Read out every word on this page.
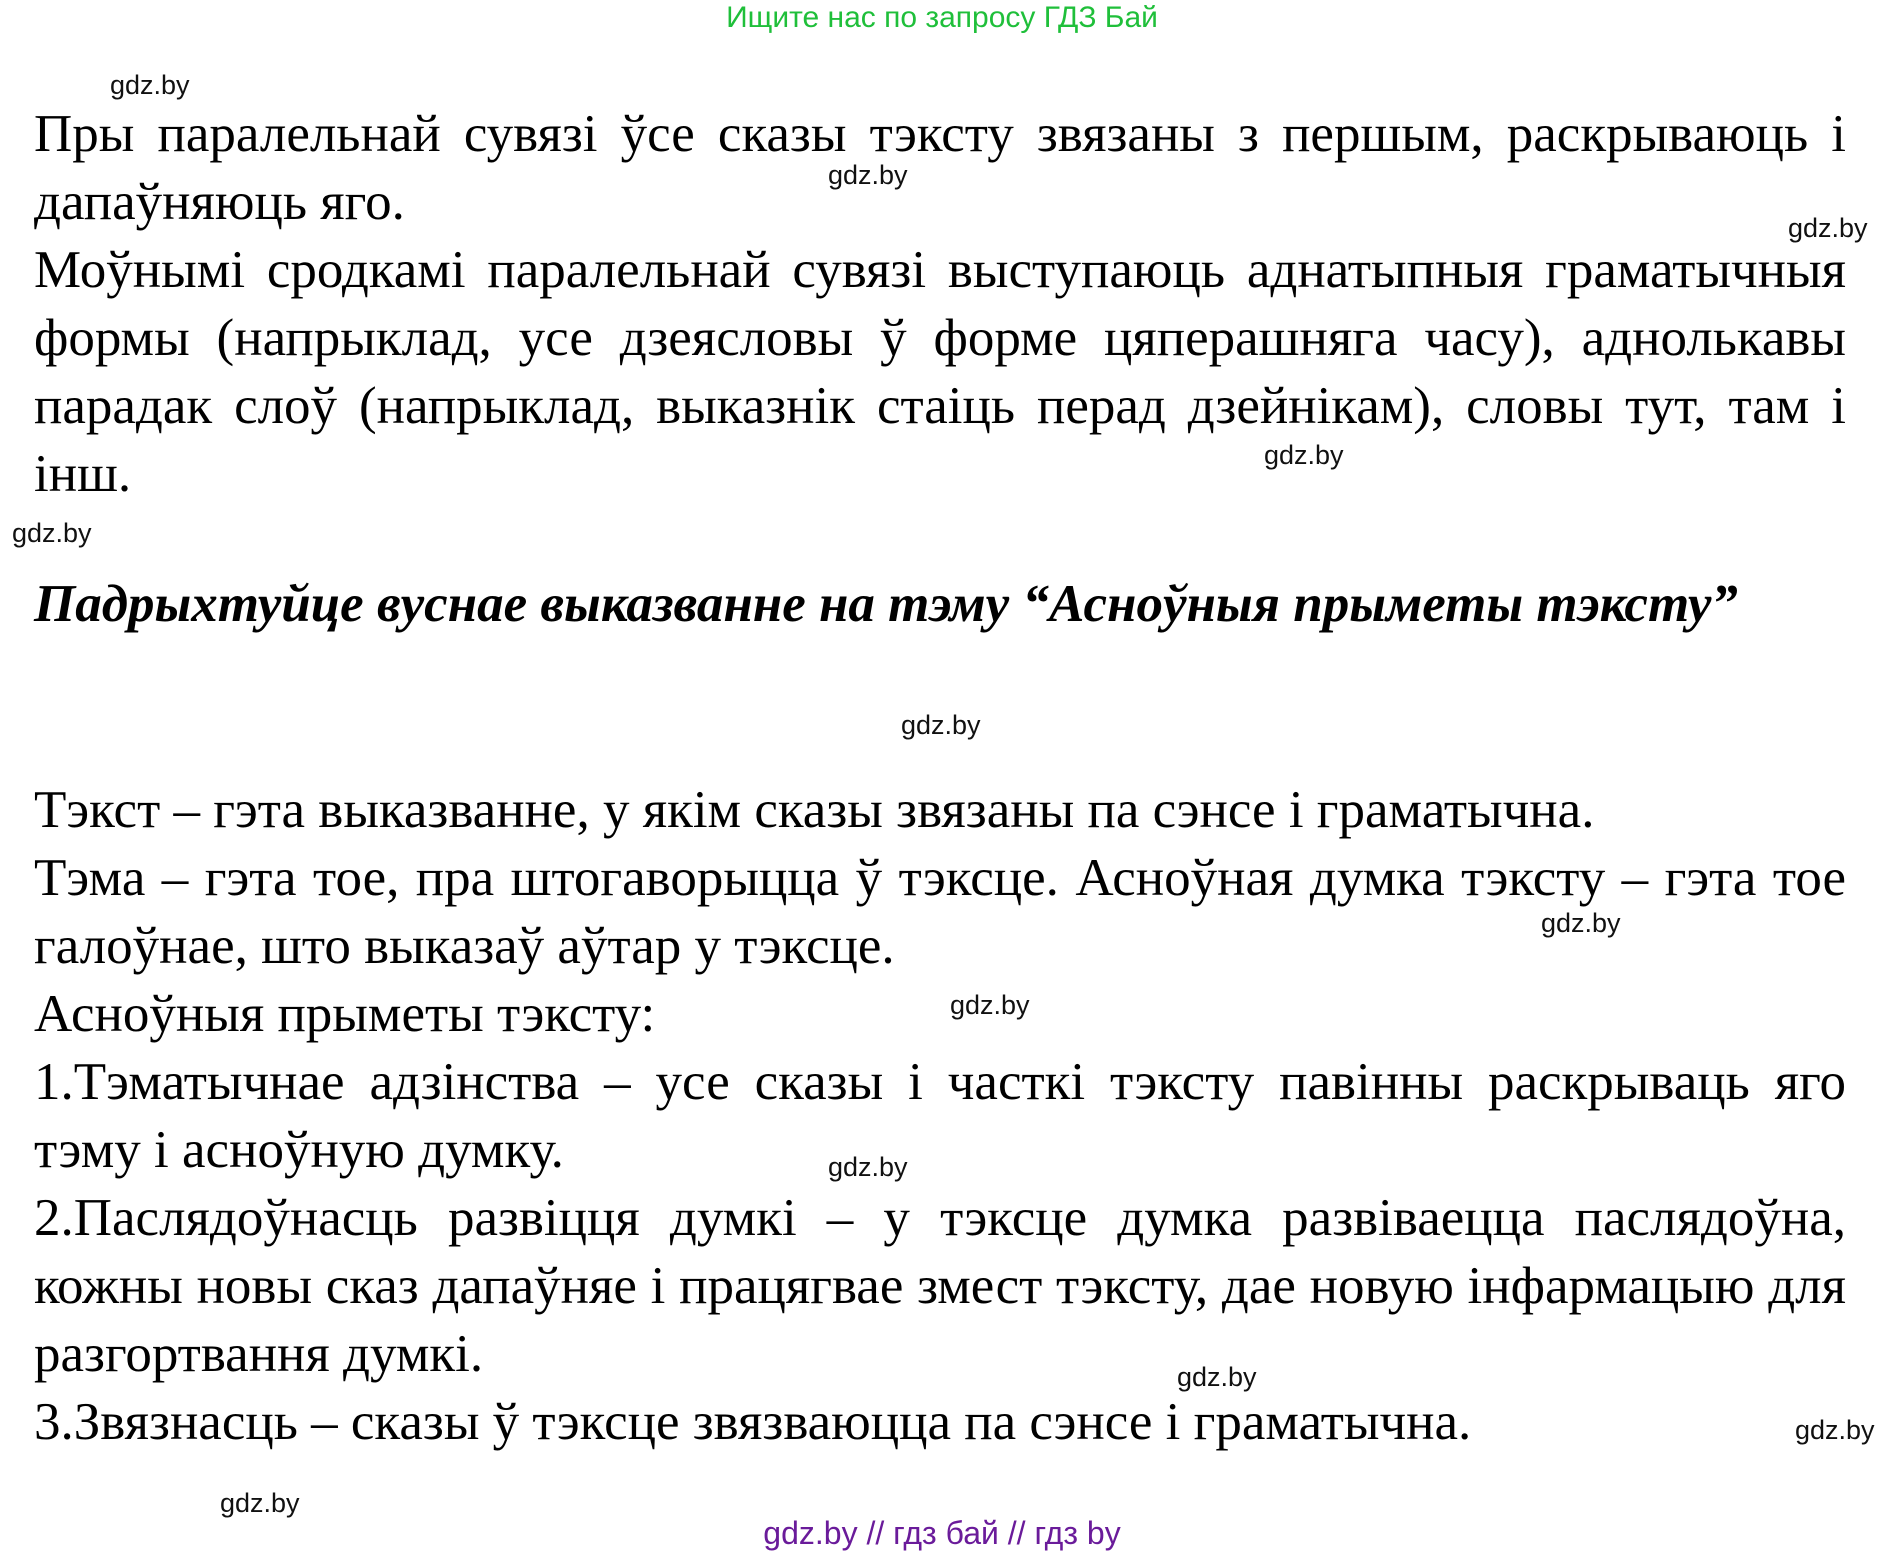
Ищите нас по запросу ГДЗ Бай

Пры паралельнай сувязі ўсе сказы тэксту звязаны з першым, раскрываюць і дапаўняюць яго.

Моўнымі сродкамі паралельнай сувязі выступаюць аднатыпныя граматычныя формы (напрыклад, усе дзеясловы ў форме цяперашняга часу), аднолькавы парадак слоў (напрыклад, выказнік стаіць перад дзейнікам), словы тут, там і інш.

Падрыхтуйце вуснае выказванне на тэму “Асноўныя прыметы тэксту”

Тэкст – гэта выказванне, у якім сказы звязаны па сэнсе і граматычна.

Тэма – гэта тое, пра штогаворыцца ў тэксце. Асноўная думка тэксту – гэта тое галоўнае, што выказаў аўтар у тэксце.

Асноўныя прыметы тэксту:

1.Тэматычнае адзінства – усе сказы і часткі тэксту павінны раскрываць яго тэму і асноўную думку.

2.Паслядоўнасць развіцця думкі – у тэксце думка развіваецца паслядоўна, кожны новы сказ дапаўняе і працягвае змест тэксту, дае новую інфармацыю для разгортвання думкі.

3.Звязнасць – сказы ў тэксце звязваюцца па сэнсе і граматычна.

gdz.by
gdz.by
gdz.by
gdz.by
gdz.by
gdz.by
gdz.by
gdz.by
gdz.by
gdz.by
gdz.by
gdz.by
gdz.by // гдз бай // гдз by
